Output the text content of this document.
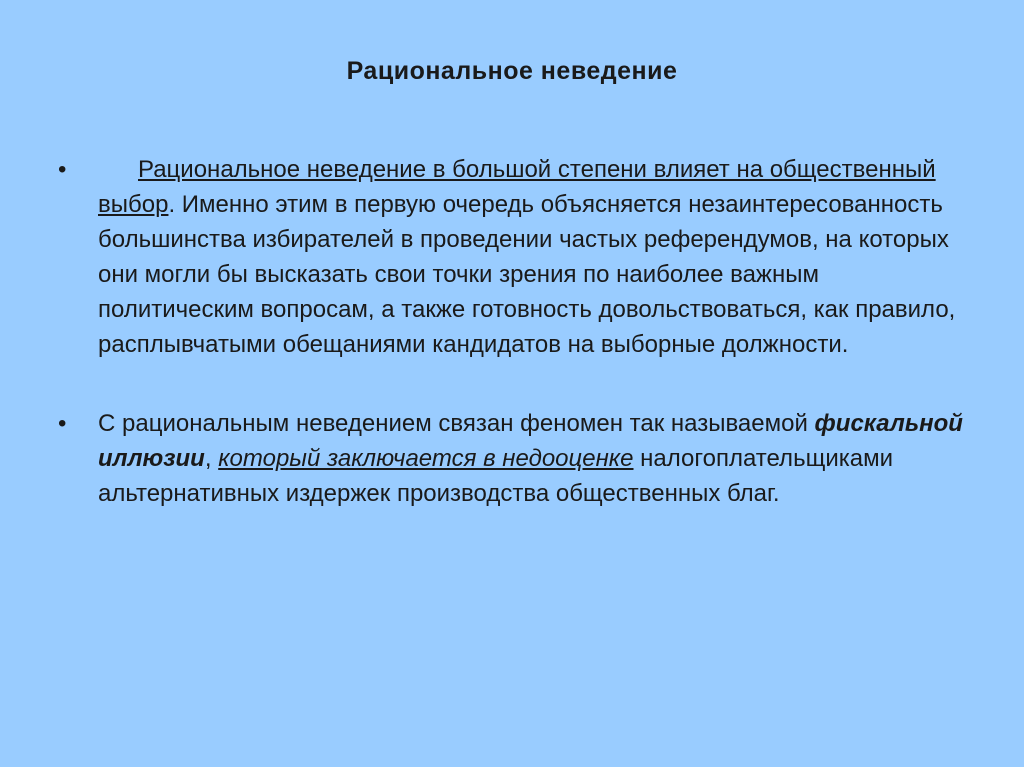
Рациональное неведение
•	Рациональное неведение в большой степени влияет на общественный выбор. Именно этим в первую очередь объясняется незаинтересованность большинства избирателей в проведении частых референдумов, на которых они могли бы высказать свои точки зрения по наиболее важным политическим вопросам, а также готовность довольствоваться, как правило, расплывчатыми обещаниями кандидатов на выборные должности.
•	С рациональным неведением связан феномен так называемой фискальной иллюзии, который заключается в недооценке налогоплательщиками альтернативных издержек производства общественных благ.
